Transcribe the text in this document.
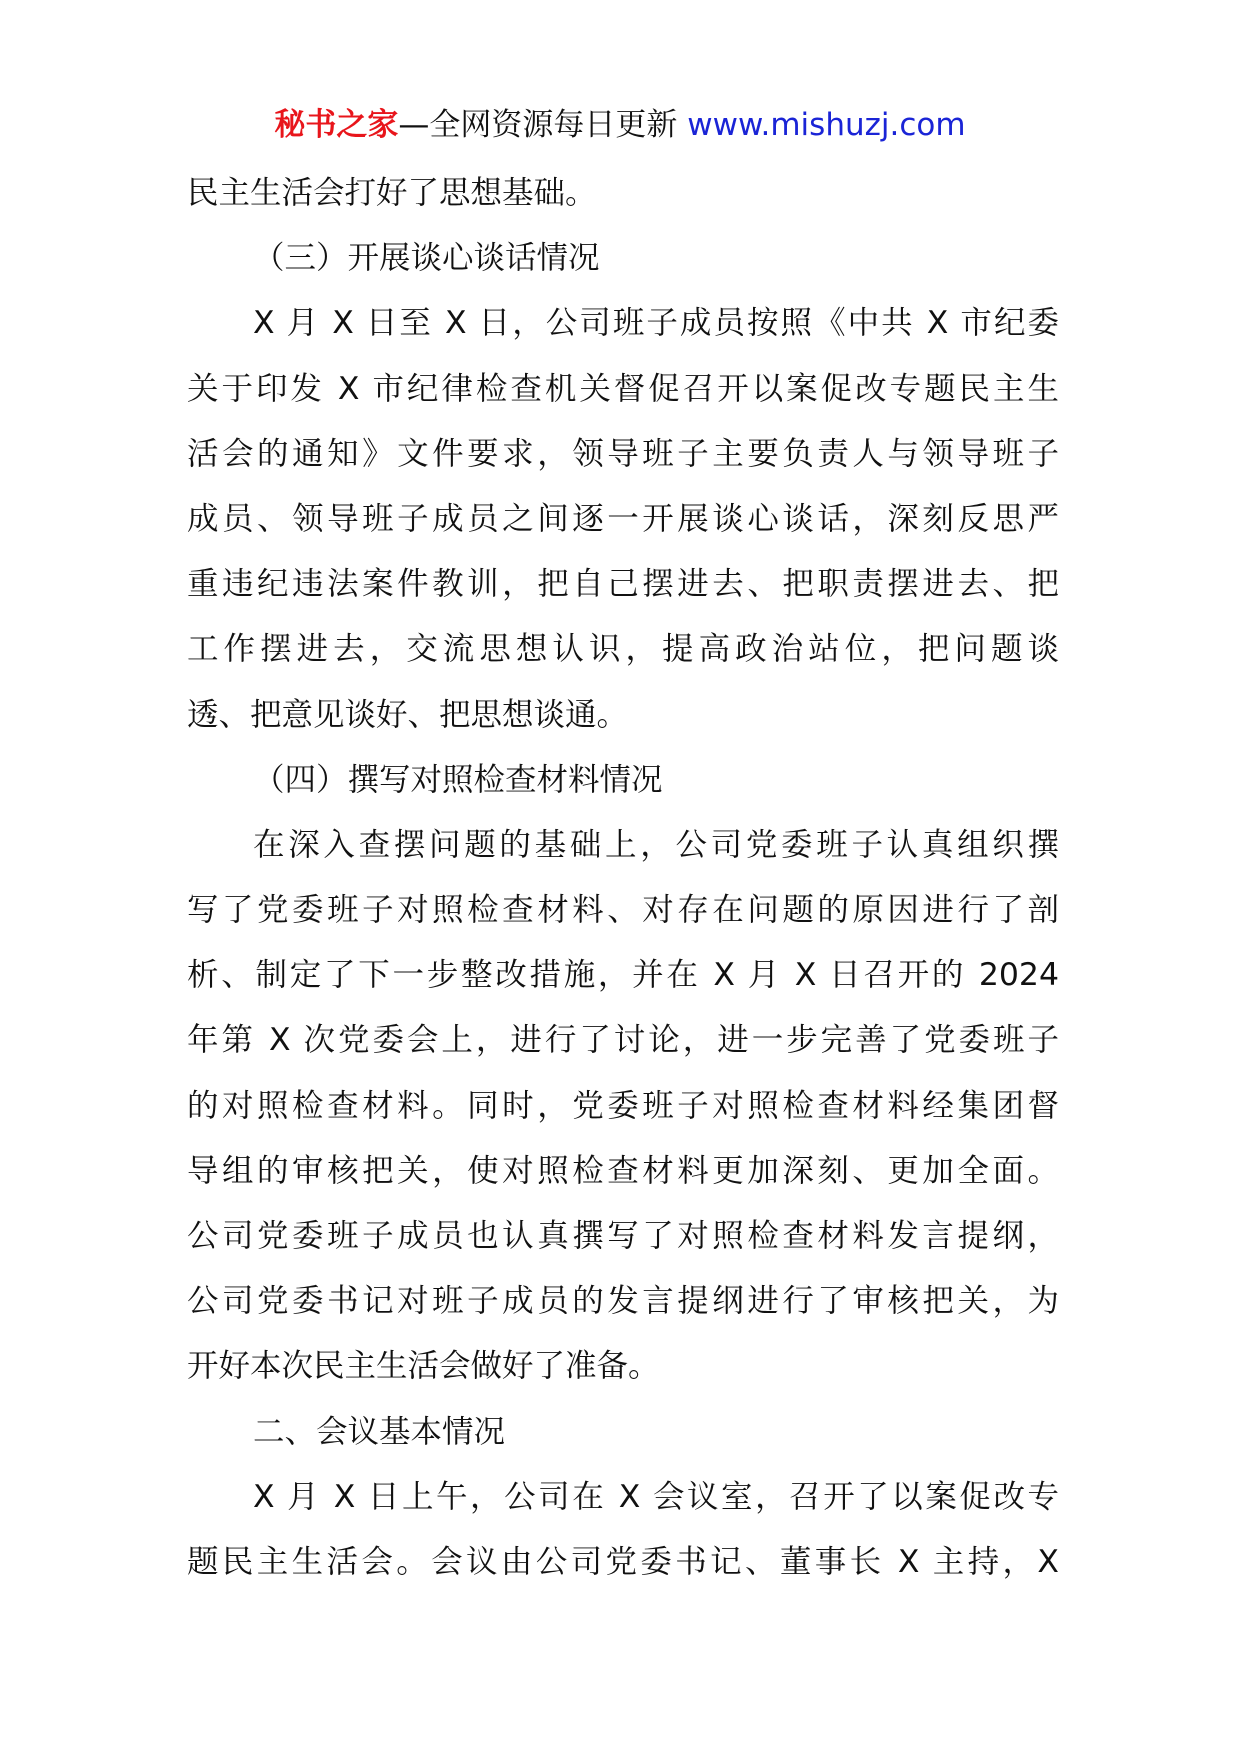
秘书之家—全网资源每日更新 www.mishuzj.com
民主生活会打好了思想基础。
（三）开展谈心谈话情况
X 月 X 日至 X 日，公司班子成员按照《中共 X 市纪委
关于印发 X 市纪律检查机关督促召开以案促改专题民主生
活会的通知》文件要求，领导班子主要负责人与领导班子
成员、领导班子成员之间逐一开展谈心谈话，深刻反思严
重违纪违法案件教训，把自己摆进去、把职责摆进去、把
工作摆进去，交流思想认识，提高政治站位，把问题谈
透、把意见谈好、把思想谈通。
（四）撰写对照检查材料情况
在深入查摆问题的基础上，公司党委班子认真组织撰
写了党委班子对照检查材料、对存在问题的原因进行了剖
析、制定了下一步整改措施，并在 X 月 X 日召开的 2024
年第 X 次党委会上，进行了讨论，进一步完善了党委班子
的对照检查材料。同时，党委班子对照检查材料经集团督
导组的审核把关，使对照检查材料更加深刻、更加全面。
公司党委班子成员也认真撰写了对照检查材料发言提纲，
公司党委书记对班子成员的发言提纲进行了审核把关，为
开好本次民主生活会做好了准备。
二、会议基本情况
X 月 X 日上午，公司在 X 会议室，召开了以案促改专
题民主生活会。会议由公司党委书记、董事长 X 主持，X
